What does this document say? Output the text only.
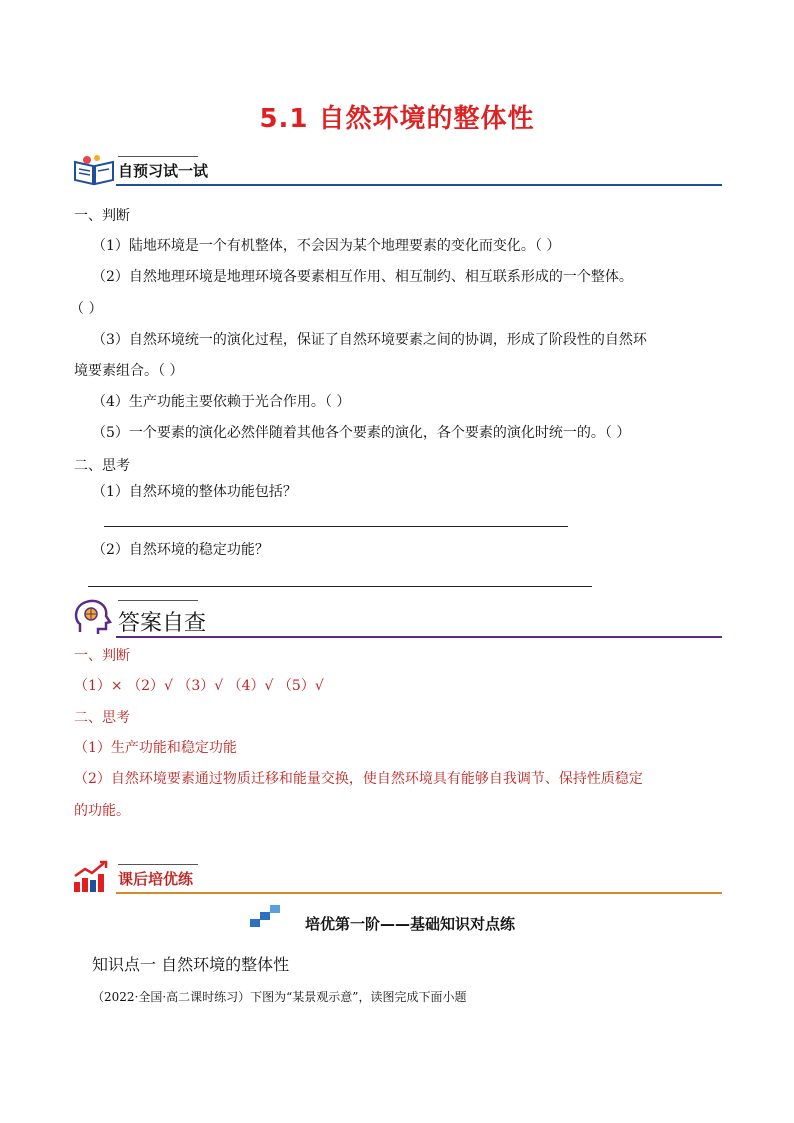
5.1 自然环境的整体性
自预习试一试
一、判断
（1）陆地环境是一个有机整体，不会因为某个地理要素的变化而变化。（ ）
（2）自然地理环境是地理环境各要素相互作用、相互制约、相互联系形成的一个整体。
（ ）
（3）自然环境统一的演化过程，保证了自然环境要素之间的协调，形成了阶段性的自然环
境要素组合。（ ）
（4）生产功能主要依赖于光合作用。（ ）
（5）一个要素的演化必然伴随着其他各个要素的演化，各个要素的演化时统一的。（ ）
二、思考
（1）自然环境的整体功能包括？
（2）自然环境的稳定功能？
答案自查
一、判断
（1）× （2）√ （3）√ （4）√ （5）√
二、思考
（1）生产功能和稳定功能
（2）自然环境要素通过物质迁移和能量交换，使自然环境具有能够自我调节、保持性质稳定
的功能。
课后培优练
培优第一阶——基础知识对点练
知识点一 自然环境的整体性
（2022·全国·高二课时练习）下图为“某景观示意”，读图完成下面小题
